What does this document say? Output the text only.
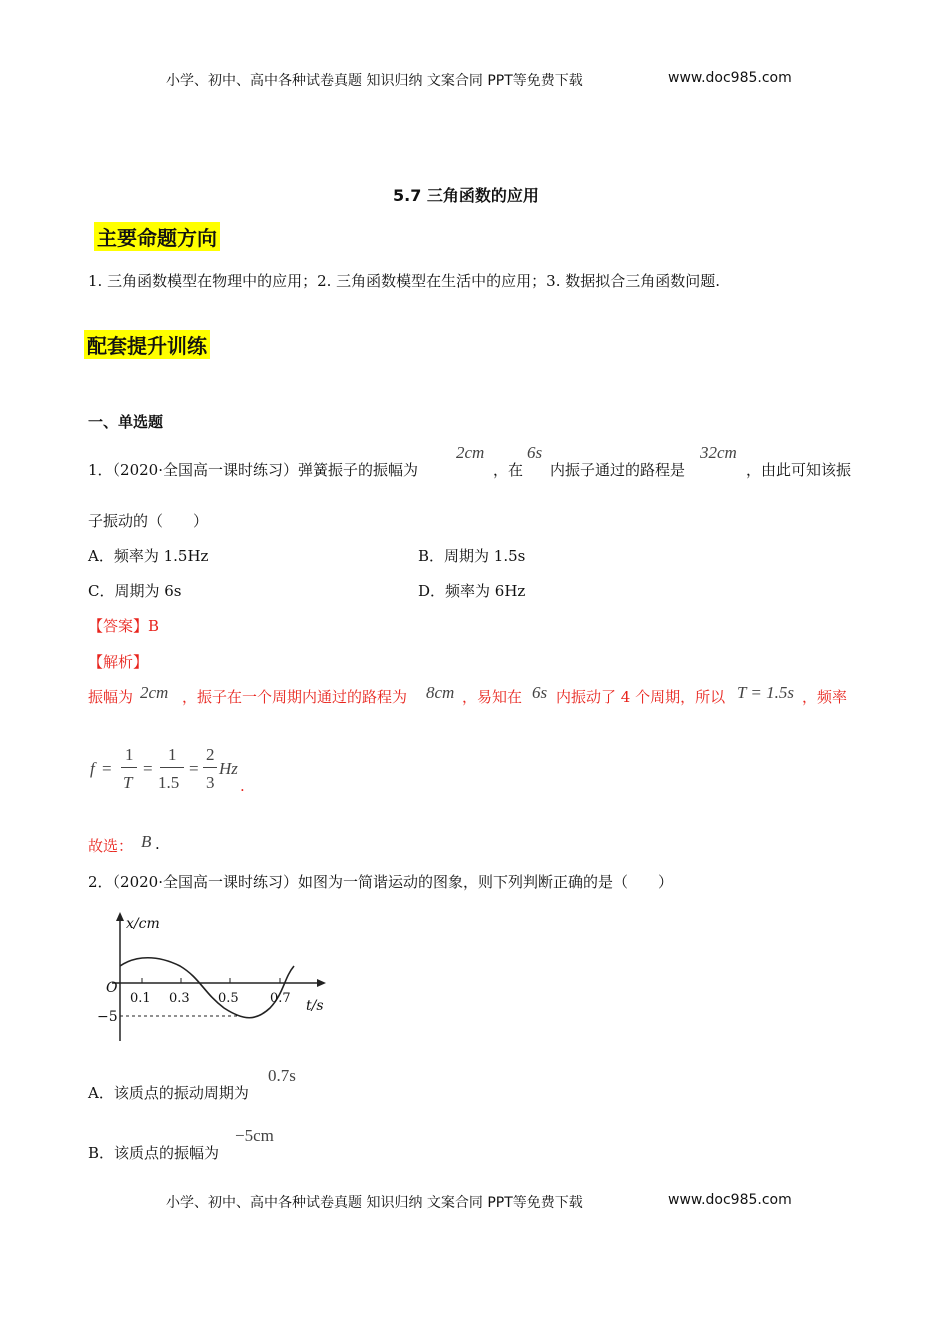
小学、初中、高中各种试卷真题 知识归纳 文案合同 PPT等免费下载	www.doc985.com
5.7 三角函数的应用
主要命题方向
1. 三角函数模型在物理中的应用；2. 三角函数模型在生活中的应用；3. 数据拟合三角函数问题.
配套提升训练
一、单选题
1．（2020·全国高一课时练习）弹簧振子的振幅为
2cm
，在
6s
内振子通过的路程是
32cm
，由此可知该振
子振动的（　　）
A．频率为 1.5Hz	B．周期为 1.5s
C．周期为 6s	D．频率为 6Hz
【答案】B
【解析】
振幅为 2cm ，振子在一个周期内通过的路程为 8cm ，易知在 6s 内振动了 4 个周期，所以 T = 1.5s ，频率
f =
1
T
=
1
1.5
=
2
3
Hz
.
故选： B .
2．（2020·全国高一课时练习）如图为一简谐运动的图象，则下列判断正确的是（　　）
x/cm
t/s
O
−5
0.1 0.3 0.5 0.7
A．该质点的振动周期为
0.7s
B．该质点的振幅为
−5cm
小学、初中、高中各种试卷真题 知识归纳 文案合同 PPT等免费下载	www.doc985.com
